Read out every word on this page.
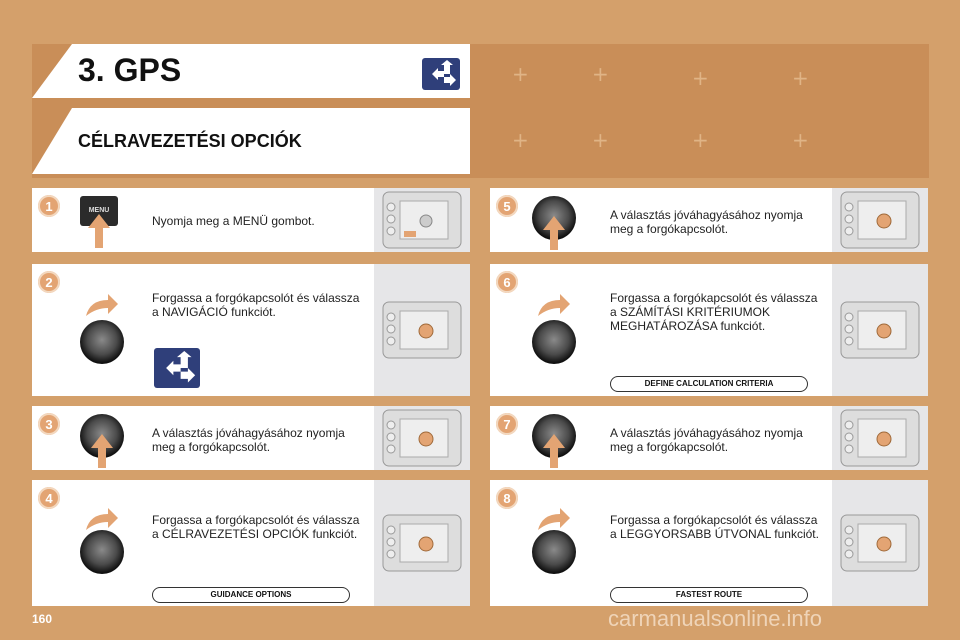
+	+	+	+
+	+	+
+
3. GPS
CÉLRAVEZETÉSI OPCIÓK
1	MENU
Nyomja meg a MENÜ gombot.
2
Forgassa a forgókapcsolót és válassza a NAVIGÁCIÓ funkciót.
3
A választás jóváhagyásához nyomja meg a forgókapcsolót.
4
Forgassa a forgókapcsolót és válassza a CÉLRAVEZETÉSI OPCIÓK funkciót.
GUIDANCE OPTIONS
5
A választás jóváhagyásához nyomja meg a forgókapcsolót.
6
Forgassa a forgókapcsolót és válassza a SZÁMÍTÁSI KRITÉRIUMOK MEGHATÁROZÁSA funkciót.
DEFINE CALCULATION CRITERIA
7
A választás jóváhagyásához nyomja meg a forgókapcsolót.
8
Forgassa a forgókapcsolót és válassza a LEGGYORSABB ÚTVONAL funkciót.
FASTEST ROUTE
160	carmanualsonline.info
